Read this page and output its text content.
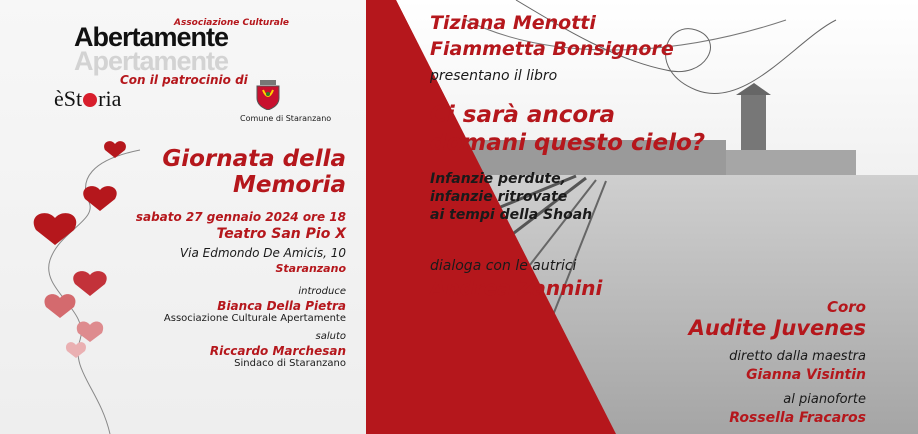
Abertamente
Apertamente
Associazione Culturale
Con il patrocinio di
èSt ria
Comune di Staranzano
Giornata della
Memoria
sabato 27 gennaio 2024 ore 18
Teatro San Pio X
Via Edmondo De Amicis, 10
Staranzano
introduce
Bianca Della Pietra
Associazione Culturale Apertamente
saluto
Riccardo Marchesan
Sindaco di Staranzano
Tiziana Menotti
Fiammetta Bonsignore
presentano il libro
Ci sarà ancora
domani questo cielo?
Infanzie perdute,
infanzie ritrovate
ai tempi della Shoah
dialoga con le autrici
Andrea Zannini
Coro
Audite Juvenes
diretto dalla maestra
Gianna Visintin
al pianoforte
Rossella Fracaros
